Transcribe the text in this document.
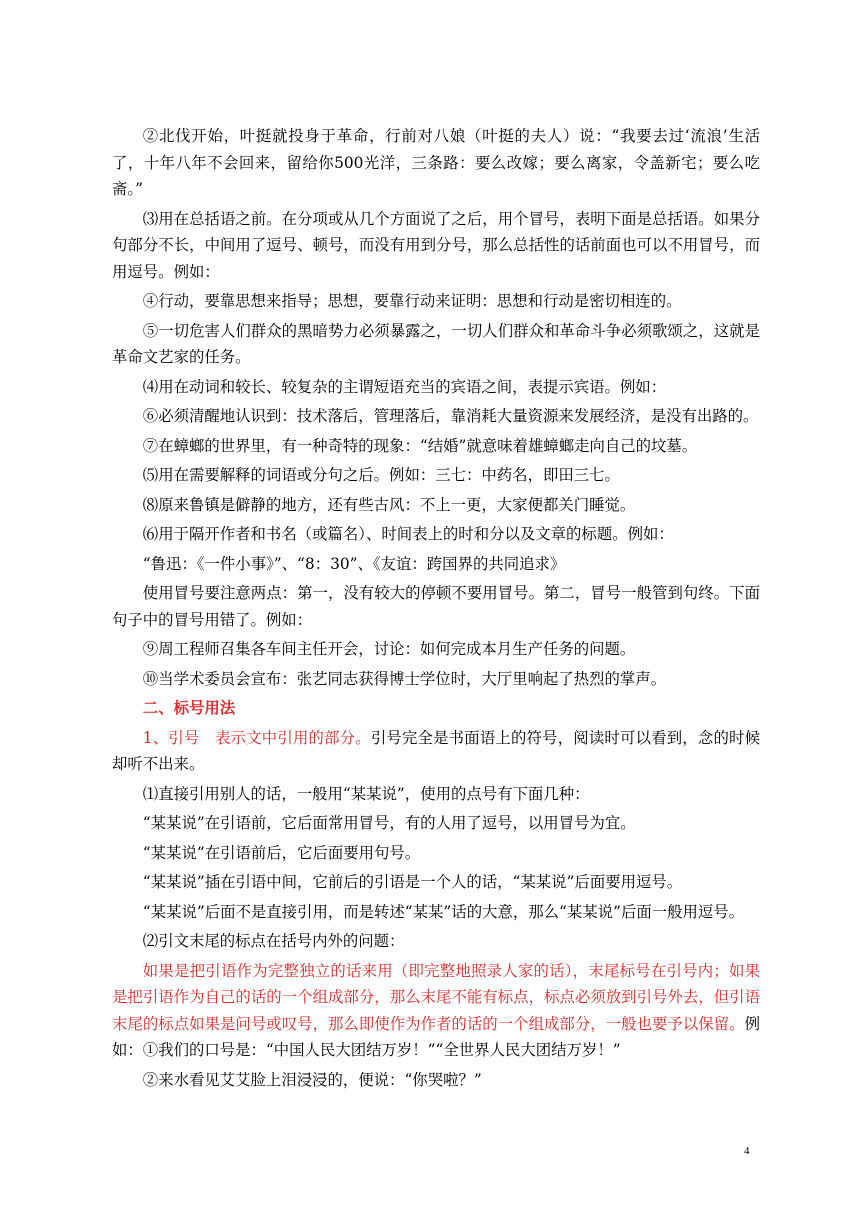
②北伐开始，叶挺就投身于革命，行前对八娘（叶挺的夫人）说：“我要去过‘流浪’生活了，十年八年不会回来，留给你500光洋，三条路：要么改嫁；要么离家，令盖新宅；要么吃斋。”

⑶用在总括语之前。在分项或从几个方面说了之后，用个冒号，表明下面是总括语。如果分句部分不长，中间用了逗号、顿号，而没有用到分号，那么总括性的话前面也可以不用冒号，而用逗号。例如：

④行动，要靠思想来指导；思想，要靠行动来证明：思想和行动是密切相连的。

⑤一切危害人们群众的黑暗势力必须暴露之，一切人们群众和革命斗争必须歌颂之，这就是革命文艺家的任务。

⑷用在动词和较长、较复杂的主谓短语充当的宾语之间，表提示宾语。例如：

⑥必须清醒地认识到：技术落后，管理落后，靠消耗大量资源来发展经济，是没有出路的。

⑦在蟑螂的世界里，有一种奇特的现象：“结婚”就意味着雄蟑螂走向自己的坟墓。

⑸用在需要解释的词语或分句之后。例如：三七：中药名，即田三七。

⑻原来鲁镇是僻静的地方，还有些古风：不上一更，大家便都关门睡觉。

⑹用于隔开作者和书名（或篇名）、时间表上的时和分以及文章的标题。例如：

“鲁迅：《一件小事》”、“8：30”、《友谊：跨国界的共同追求》

使用冒号要注意两点：第一，没有较大的停顿不要用冒号。第二，冒号一般管到句终。下面句子中的冒号用错了。例如：

⑨周工程师召集各车间主任开会，讨论：如何完成本月生产任务的问题。

⑩当学术委员会宣布：张艺同志获得博士学位时，大厅里响起了热烈的掌声。

二、标号用法

1、引号　表示文中引用的部分。引号完全是书面语上的符号，阅读时可以看到，念的时候却听不出来。

⑴直接引用别人的话，一般用“某某说”，使用的点号有下面几种：

“某某说”在引语前，它后面常用冒号，有的人用了逗号，以用冒号为宜。

“某某说”在引语前后，它后面要用句号。

“某某说”插在引语中间，它前后的引语是一个人的话，“某某说”后面要用逗号。

“某某说”后面不是直接引用，而是转述“某某”话的大意，那么“某某说”后面一般用逗号。

⑵引文末尾的标点在括号内外的问题：

如果是把引语作为完整独立的话来用（即完整地照录人家的话），末尾标号在引号内；如果是把引语作为自己的话的一个组成部分，那么末尾不能有标点，标点必须放到引号外去，但引语末尾的标点如果是问号或叹号，那么即使作为作者的话的一个组成部分，一般也要予以保留。例如：①我们的口号是：“中国人民大团结万岁！”“全世界人民大团结万岁！”

②来水看见艾艾脸上泪浸浸的，便说：“你哭啦？”

4
